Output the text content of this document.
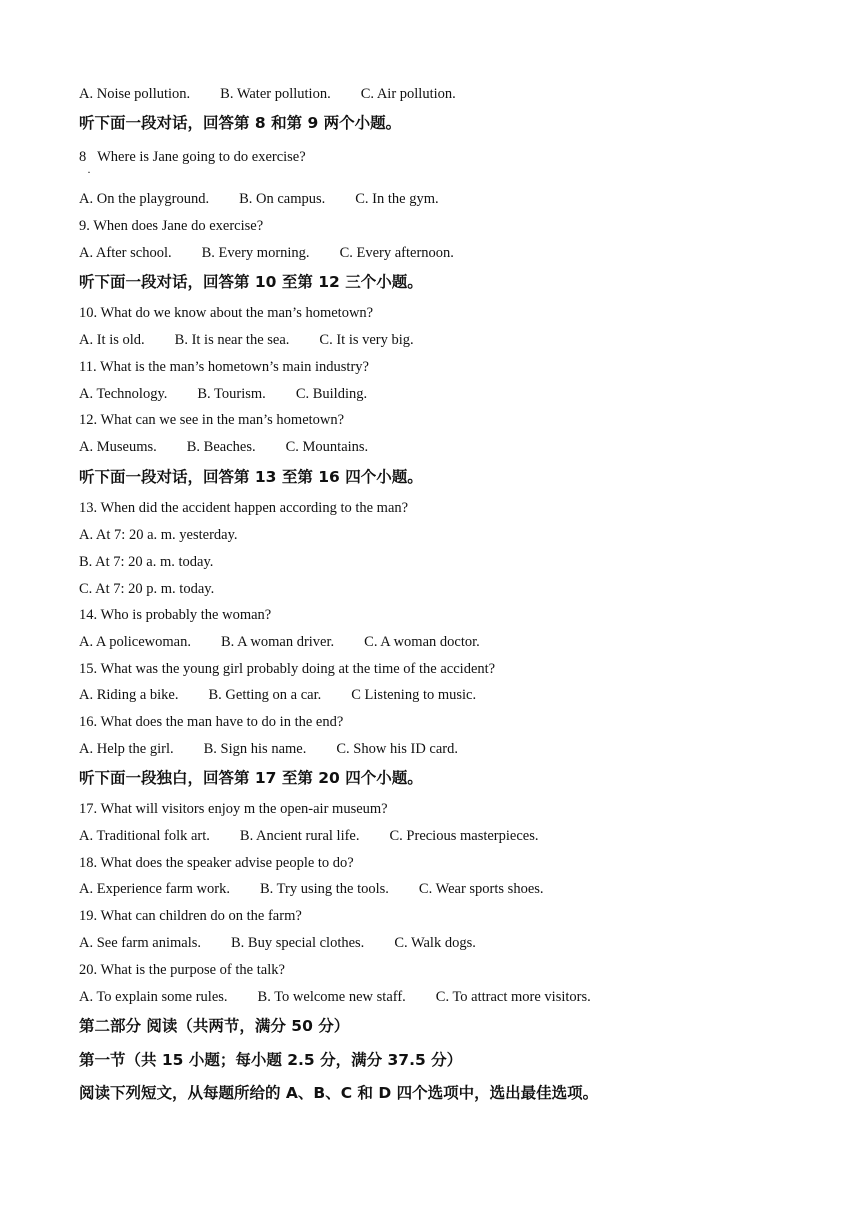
A. Noise pollution. B. Water pollution. C. Air pollution.
听下面一段对话，回答第 8 和第 9 两个小题。
8 Where is Jane going to do exercise?
·
A. On the playground. B. On campus. C. In the gym.
9. When does Jane do exercise?
A. After school. B. Every morning. C. Every afternoon.
听下面一段对话，回答第 10 至第 12 三个小题。
10. What do we know about the man’s hometown?
A. It is old. B. It is near the sea. C. It is very big.
11. What is the man’s hometown’s main industry?
A. Technology. B. Tourism. C. Building.
12. What can we see in the man’s hometown?
A. Museums. B. Beaches. C. Mountains.
听下面一段对话，回答第 13 至第 16 四个小题。
13. When did the accident happen according to the man?
A. At 7: 20 a. m. yesterday.
B. At 7: 20 a. m. today.
C. At 7: 20 p. m. today.
14. Who is probably the woman?
A. A policewoman. B. A woman driver. C. A woman doctor.
15. What was the young girl probably doing at the time of the accident?
A. Riding a bike. B. Getting on a car. C Listening to music.
16. What does the man have to do in the end?
A. Help the girl. B. Sign his name. C. Show his ID card.
听下面一段独白，回答第 17 至第 20 四个小题。
17. What will visitors enjoy m the open-air museum?
A. Traditional folk art. B. Ancient rural life. C. Precious masterpieces.
18. What does the speaker advise people to do?
A. Experience farm work. B. Try using the tools. C. Wear sports shoes.
19. What can children do on the farm?
A. See farm animals. B. Buy special clothes. C. Walk dogs.
20. What is the purpose of the talk?
A. To explain some rules. B. To welcome new staff. C. To attract more visitors.
第二部分 阅读（共两节，满分 50 分）
第一节（共 15 小题；每小题 2.5 分，满分 37.5 分）
阅读下列短文，从每题所给的 A、B、C 和 D 四个选项中，选出最佳选项。
